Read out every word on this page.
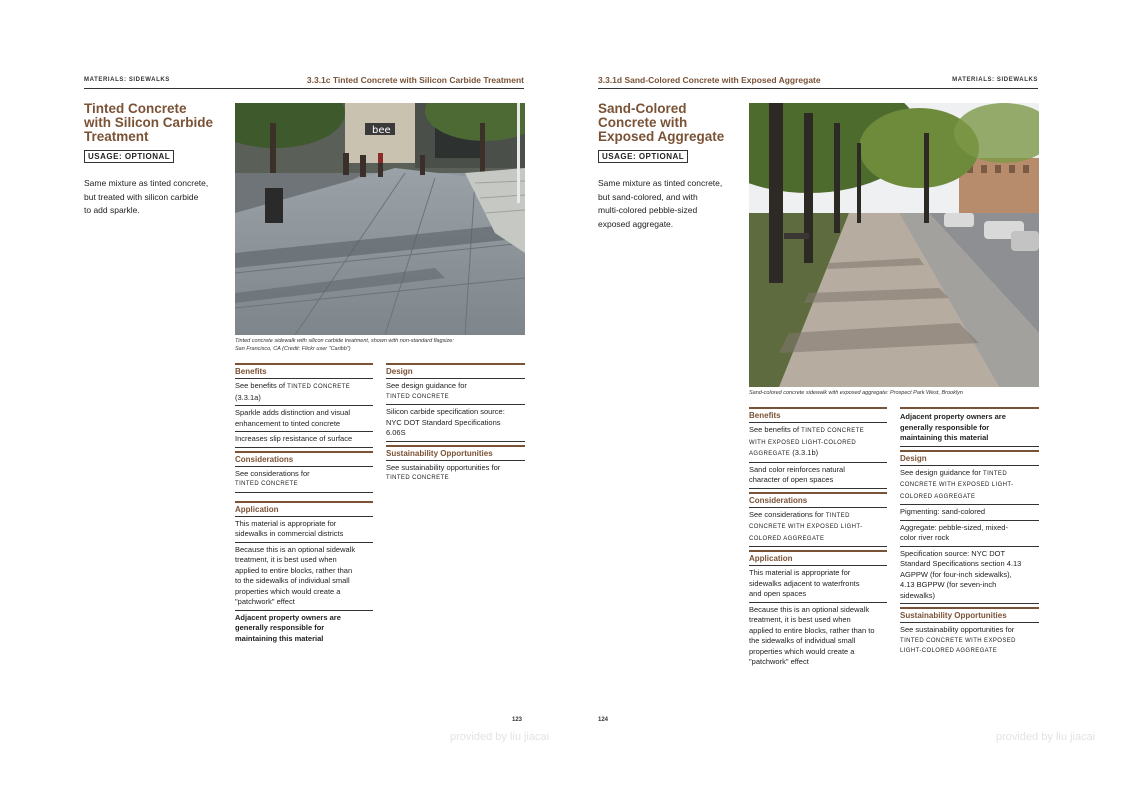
MATERIALS: SIDEWALKS	3.3.1c Tinted Concrete with Silicon Carbide Treatment
Tinted Concrete
with Silicon Carbide
Treatment
USAGE: OPTIONAL
Same mixture as tinted concrete,
but treated with silicon carbide
to add sparkle.
bee
Tinted concrete sidewalk with silicon carbide treatment, shown with non-standard flagsize:
San Francisco, CA (Credit: Flickr user "Caribb")
Benefits
See benefits of TINTED CONCRETE
(3.3.1a)
Sparkle adds distinction and visual
enhancement to tinted concrete
Increases slip resistance of surface
Considerations
See considerations for
TINTED CONCRETE
Application
This material is appropriate for
sidewalks in commercial districts
Because this is an optional sidewalk
treatment, it is best used when
applied to entire blocks, rather than
to the sidewalks of individual small
properties which would create a
"patchwork" effect
Adjacent property owners are
generally responsible for
maintaining this material
Design
See design guidance for
TINTED CONCRETE
Silicon carbide specification source:
NYC DOT Standard Specifications
6.06S
Sustainability Opportunities
See sustainability opportunities for
TINTED CONCRETE
123
provided by liu jiacai
3.3.1d Sand-Colored Concrete with Exposed Aggregate	MATERIALS: SIDEWALKS
Sand-Colored
Concrete with
Exposed Aggregate
USAGE: OPTIONAL
Same mixture as tinted concrete,
but sand-colored, and with
multi-colored pebble-sized
exposed aggregate.
Sand-colored concrete sidewalk with exposed aggregate: Prospect Park West, Brooklyn
Benefits
See benefits of TINTED CONCRETE
WITH EXPOSED LIGHT-COLORED
AGGREGATE (3.3.1b)
Sand color reinforces natural
character of open spaces
Considerations
See considerations for TINTED
CONCRETE WITH EXPOSED LIGHT-
COLORED AGGREGATE
Application
This material is appropriate for
sidewalks adjacent to waterfronts
and open spaces
Because this is an optional sidewalk
treatment, it is best used when
applied to entire blocks, rather than to
the sidewalks of individual small
properties which would create a
"patchwork" effect
Adjacent property owners are
generally responsible for
maintaining this material
Design
See design guidance for TINTED
CONCRETE WITH EXPOSED LIGHT-
COLORED AGGREGATE
Pigmenting: sand-colored
Aggregate: pebble-sized, mixed-
color river rock
Specification source: NYC DOT
Standard Specifications section 4.13
AGPPW (for four-inch sidewalks),
4.13 BGPPW (for seven-inch
sidewalks)
Sustainability Opportunities
See sustainability opportunities for
TINTED CONCRETE WITH EXPOSED
LIGHT-COLORED AGGREGATE
124
provided by liu jiacai
